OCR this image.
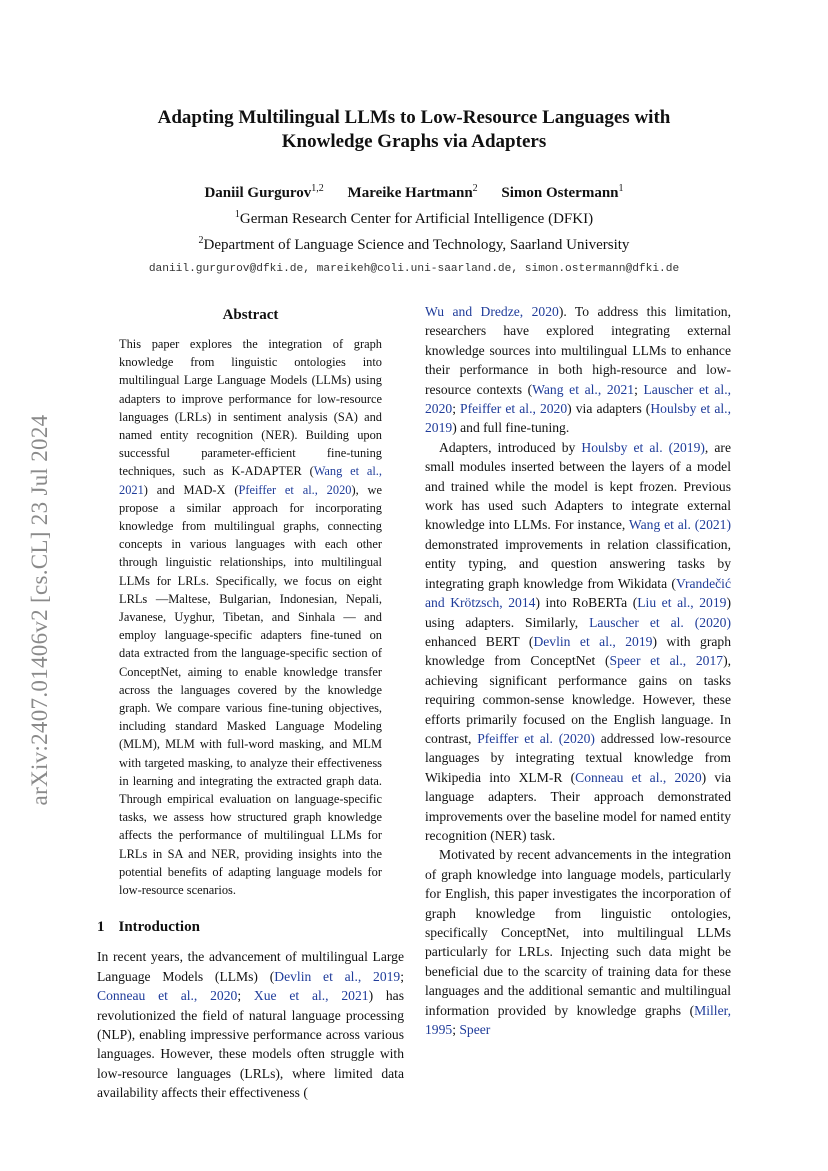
arXiv:2407.01406v2 [cs.CL] 23 Jul 2024
Adapting Multilingual LLMs to Low-Resource Languages with
Knowledge Graphs via Adapters
Daniil Gurgurov$^{1,2}$ Mareike Hartmann$^2$ Simon Ostermann$^1$
$^1$German Research Center for Artificial Intelligence (DFKI)
$^2$Department of Language Science and Technology, Saarland University
daniil.gurgurov@dfki.de, mareikeh@coli.uni-saarland.de, simon.ostermann@dfki.de
Abstract

This paper explores the integration of graph knowledge from linguistic ontologies into multilingual Large Language Models (LLMs) using adapters to improve performance for low-resource languages (LRLs) in sentiment analysis (SA) and named entity recognition (NER). Building upon successful parameter-efficient fine-tuning techniques, such as K-ADAPTER (Wang et al., 2021) and MAD-X (Pfeiffer et al., 2020), we propose a similar approach for incorporating knowledge from multilingual graphs, connecting concepts in various languages with each other through linguistic relationships, into multilingual LLMs for LRLs. Specifically, we focus on eight LRLs —Maltese, Bulgarian, Indonesian, Nepali, Javanese, Uyghur, Tibetan, and Sinhala — and employ language-specific adapters fine-tuned on data extracted from the language-specific section of ConceptNet, aiming to enable knowledge transfer across the languages covered by the knowledge graph. We compare various fine-tuning objectives, including standard Masked Language Modeling (MLM), MLM with full-word masking, and MLM with targeted masking, to analyze their effectiveness in learning and integrating the extracted graph data. Through empirical evaluation on language-specific tasks, we assess how structured graph knowledge affects the performance of multilingual LLMs for LRLs in SA and NER, providing insights into the potential benefits of adapting language models for low-resource scenarios.

1 Introduction

In recent years, the advancement of multilingual Large Language Models (LLMs) (Devlin et al., 2019; Conneau et al., 2020; Xue et al., 2021) has revolutionized the field of natural language processing (NLP), enabling impressive performance across various languages. However, these models often struggle with low-resource languages (LRLs), where limited data availability affects their effectiveness (

Wu and Dredze, 2020). To address this limitation, researchers have explored integrating external knowledge sources into multilingual LLMs to enhance their performance in both high-resource and low-resource contexts (Wang et al., 2021; Lauscher et al., 2020; Pfeiffer et al., 2020) via adapters (Houlsby et al., 2019) and full fine-tuning.

Adapters, introduced by Houlsby et al. (2019), are small modules inserted between the layers of a model and trained while the model is kept frozen. Previous work has used such Adapters to integrate external knowledge into LLMs. For instance, Wang et al. (2021) demonstrated improvements in relation classification, entity typing, and question answering tasks by integrating graph knowledge from Wikidata (Vrandečić and Krötzsch, 2014) into RoBERTa (Liu et al., 2019) using adapters. Similarly, Lauscher et al. (2020) enhanced BERT (Devlin et al., 2019) with graph knowledge from ConceptNet (Speer et al., 2017), achieving significant performance gains on tasks requiring common-sense knowledge. However, these efforts primarily focused on the English language. In contrast, Pfeiffer et al. (2020) addressed low-resource languages by integrating textual knowledge from Wikipedia into XLM-R (Conneau et al., 2020) via language adapters. Their approach demonstrated improvements over the baseline model for named entity recognition (NER) task.

Motivated by recent advancements in the integration of graph knowledge into language models, particularly for English, this paper investigates the incorporation of graph knowledge from linguistic ontologies, specifically ConceptNet, into multilingual LLMs particularly for LRLs. Injecting such data might be beneficial due to the scarcity of training data for these languages and the additional semantic and multilingual information provided by knowledge graphs (Miller, 1995; Speer
